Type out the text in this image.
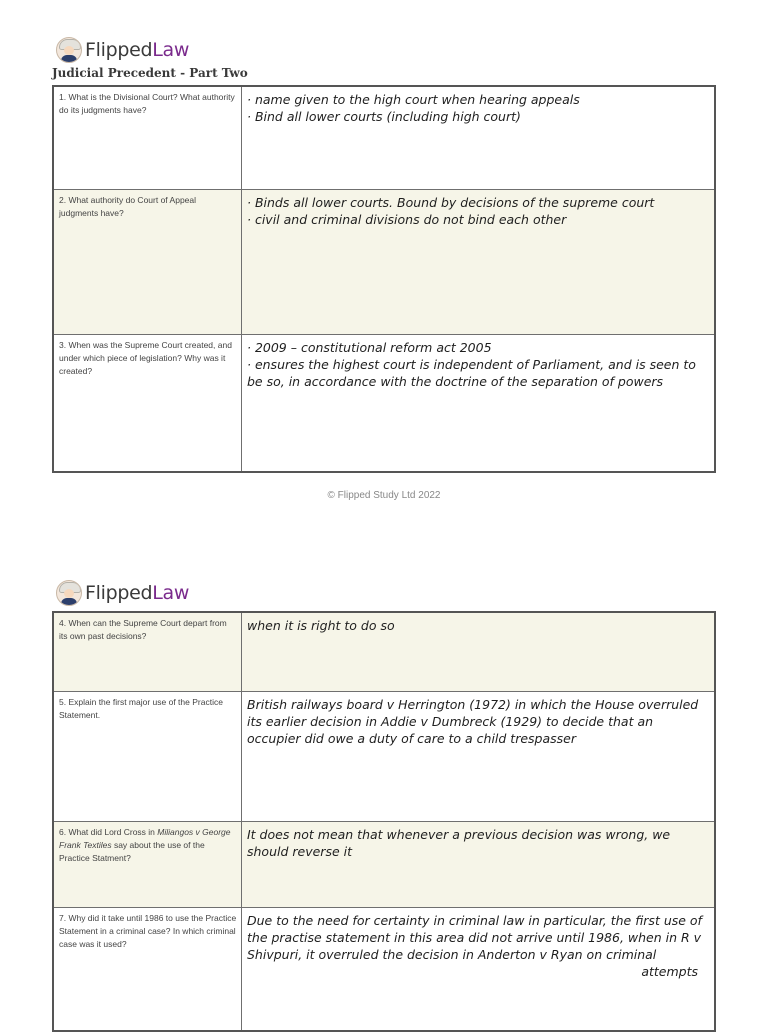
FlippedLaw
Judicial Precedent - Part Two
1. What is the Divisional Court? What authority do its judgments have?	· name given to the high court when hearing appeals
· Bind all lower courts (including high court)

2. What authority do Court of Appeal judgments have?	· Binds all lower courts. Bound by decisions of the supreme court
· civil and criminal divisions do not bind each other

3. When was the Supreme Court created, and under which piece of legislation? Why was it created?	· 2009 – constitutional reform act 2005
· ensures the highest court is independent of Parliament, and is seen to be so, in accordance with the doctrine of the separation of powers
© Flipped Study Ltd 2022
FlippedLaw
4. When can the Supreme Court depart from its own past decisions?	when it is right to do so

5. Explain the first major use of the Practice Statement.	British railways board v Herrington (1972) in which the House overruled its earlier decision in Addie v Dumbreck (1929) to decide that an occupier did owe a duty of care to a child trespasser

6. What did Lord Cross in Miliangos v George Frank Textiles say about the use of the Practice Statment?	It does not mean that whenever a previous decision was wrong, we should reverse it

7. Why did it take until 1986 to use the Practice Statement in a criminal case? In which criminal case was it used?	Due to the need for certainty in criminal law in particular, the first use of the practise statement in this area did not arrive until 1986, when in R v Shivpuri, it overruled the decision in Anderton v Ryan on criminal
attempts
